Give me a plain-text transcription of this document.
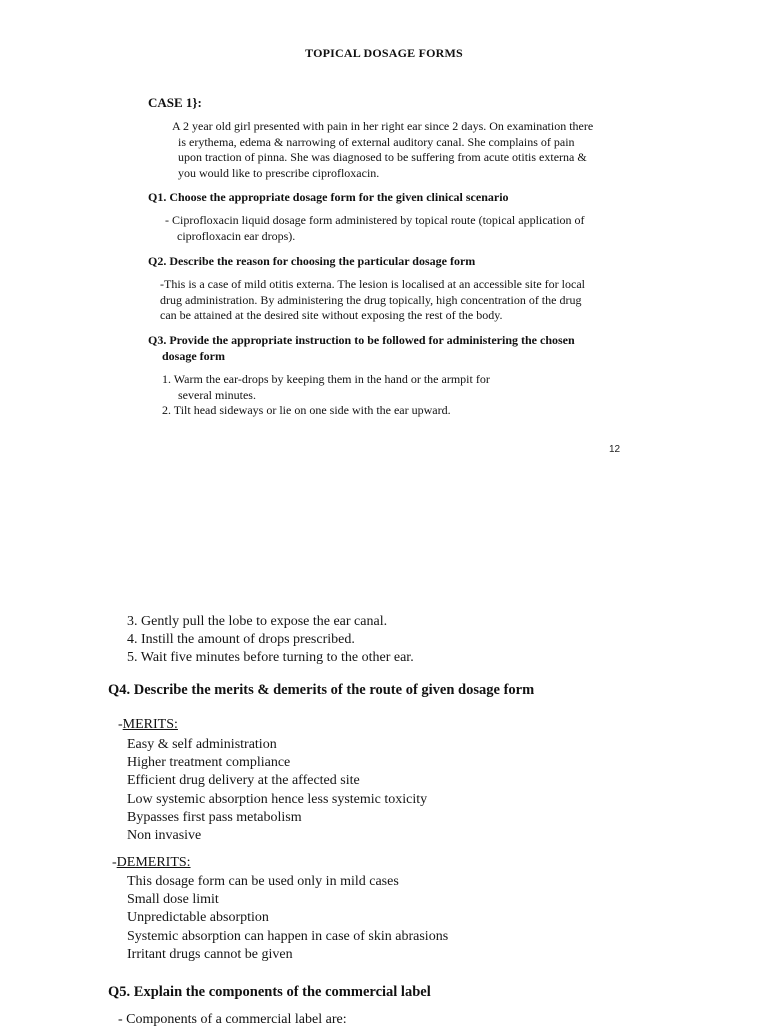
TOPICAL DOSAGE FORMS
CASE 1}:
A 2 year old girl presented with pain in her right ear since 2 days. On examination there
is erythema, edema & narrowing of external auditory canal. She complains of pain
upon traction of pinna. She was diagnosed to be suffering from acute otitis externa &
you would like to prescribe ciprofloxacin.
Q1. Choose the appropriate dosage form for the given clinical scenario
- Ciprofloxacin liquid dosage form administered by topical route (topical application of
ciprofloxacin ear drops).
Q2. Describe the reason for choosing the particular dosage form
-This is a case of mild otitis externa. The lesion is localised at an accessible site for local
drug administration. By administering the drug topically, high concentration of the drug
can be attained at the desired site without exposing the rest of the body.
Q3. Provide the appropriate instruction to be followed for administering the chosen
dosage form
1. Warm the ear-drops by keeping them in the hand or the armpit for
several minutes.
2. Tilt head sideways or lie on one side with the ear upward.
12
3. Gently pull the lobe to expose the ear canal.
4. Instill the amount of drops prescribed.
5. Wait five minutes before turning to the other ear.
Q4. Describe the merits & demerits of the route of given dosage form
-MERITS:
Easy & self administration
Higher treatment compliance
Efficient drug delivery at the affected site
Low systemic absorption hence less systemic toxicity
Bypasses first pass metabolism
Non invasive
-DEMERITS:
This dosage form can be used only in mild cases
Small dose limit
Unpredictable absorption
Systemic absorption can happen in case of skin abrasions
Irritant drugs cannot be given
Q5. Explain the components of the commercial label
- Components of a commercial label are:
